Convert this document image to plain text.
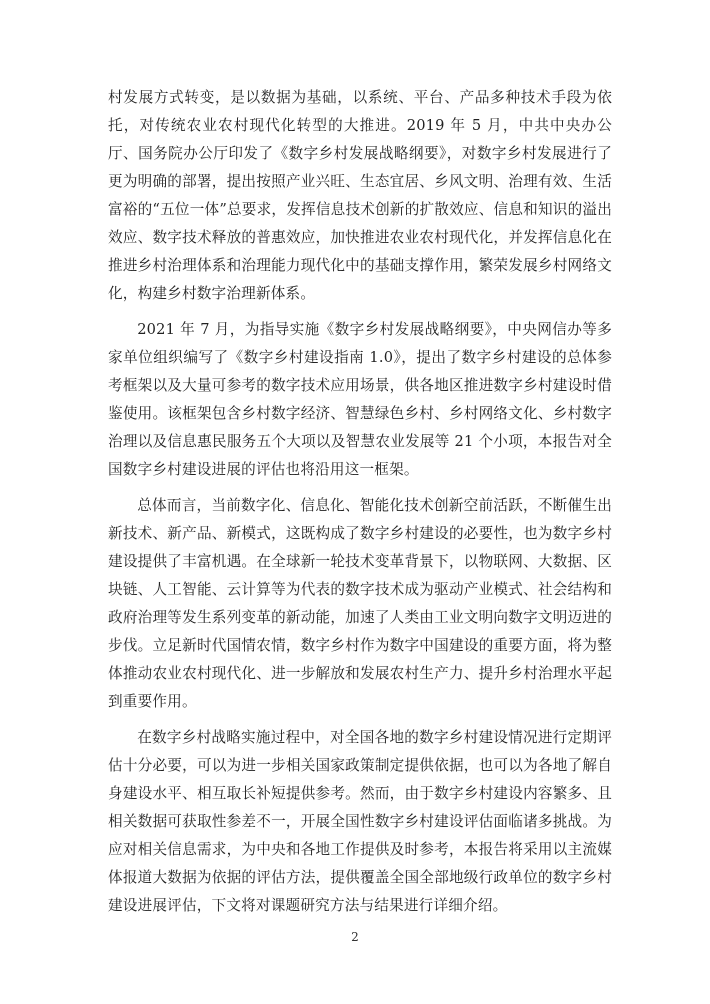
村发展方式转变，是以数据为基础，以系统、平台、产品多种技术手段为依托，对传统农业农村现代化转型的大推进。2019 年 5 月，中共中央办公厅、国务院办公厅印发了《数字乡村发展战略纲要》，对数字乡村发展进行了更为明确的部署，提出按照产业兴旺、生态宜居、乡风文明、治理有效、生活富裕的“五位一体”总要求，发挥信息技术创新的扩散效应、信息和知识的溢出效应、数字技术释放的普惠效应，加快推进农业农村现代化，并发挥信息化在推进乡村治理体系和治理能力现代化中的基础支撑作用，繁荣发展乡村网络文化，构建乡村数字治理新体系。

2021 年 7 月，为指导实施《数字乡村发展战略纲要》，中央网信办等多家单位组织编写了《数字乡村建设指南 1.0》，提出了数字乡村建设的总体参考框架以及大量可参考的数字技术应用场景，供各地区推进数字乡村建设时借鉴使用。该框架包含乡村数字经济、智慧绿色乡村、乡村网络文化、乡村数字治理以及信息惠民服务五个大项以及智慧农业发展等 21 个小项，本报告对全国数字乡村建设进展的评估也将沿用这一框架。

总体而言，当前数字化、信息化、智能化技术创新空前活跃，不断催生出新技术、新产品、新模式，这既构成了数字乡村建设的必要性，也为数字乡村建设提供了丰富机遇。在全球新一轮技术变革背景下，以物联网、大数据、区块链、人工智能、云计算等为代表的数字技术成为驱动产业模式、社会结构和政府治理等发生系列变革的新动能，加速了人类由工业文明向数字文明迈进的步伐。立足新时代国情农情，数字乡村作为数字中国建设的重要方面，将为整体推动农业农村现代化、进一步解放和发展农村生产力、提升乡村治理水平起到重要作用。

在数字乡村战略实施过程中，对全国各地的数字乡村建设情况进行定期评估十分必要，可以为进一步相关国家政策制定提供依据，也可以为各地了解自身建设水平、相互取长补短提供参考。然而，由于数字乡村建设内容繁多、且相关数据可获取性参差不一，开展全国性数字乡村建设评估面临诸多挑战。为应对相关信息需求，为中央和各地工作提供及时参考，本报告将采用以主流媒体报道大数据为依据的评估方法，提供覆盖全国全部地级行政单位的数字乡村建设进展评估，下文将对课题研究方法与结果进行详细介绍。

2
